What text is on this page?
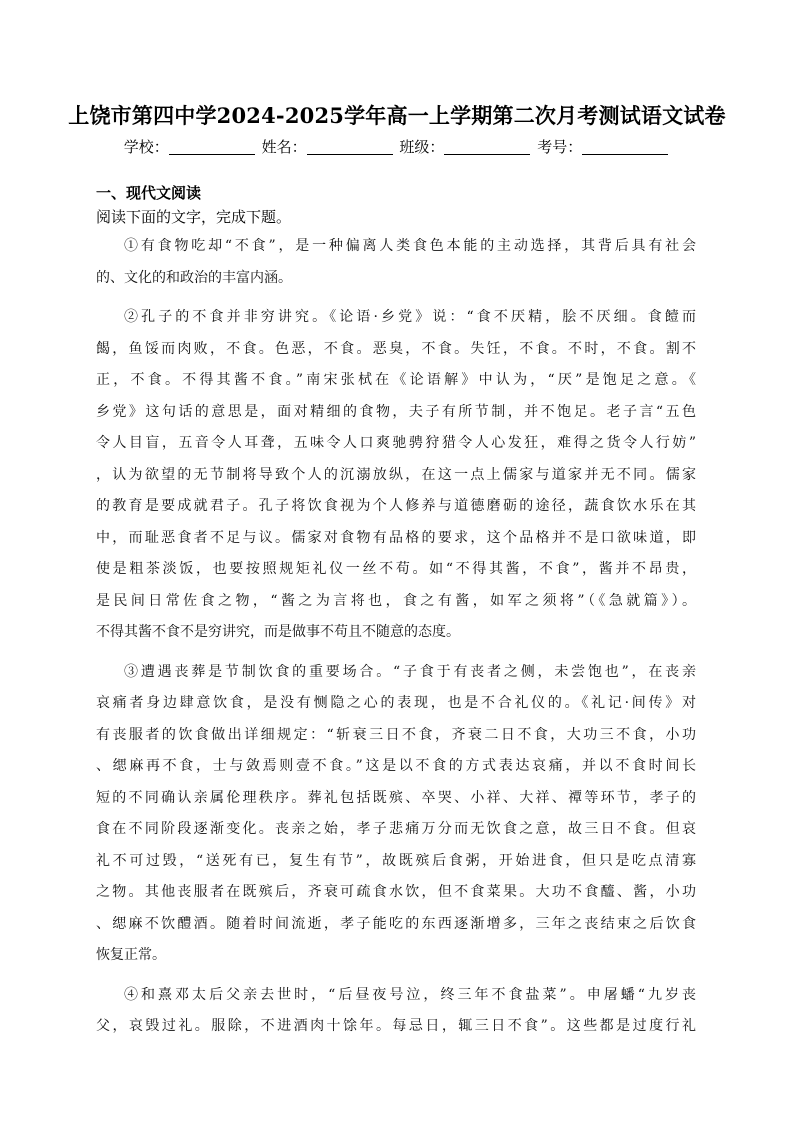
上饶市第四中学2024-2025学年高一上学期第二次月考测试语文试卷
学校：	姓名：	班级：	考号：
一、现代文阅读
阅读下面的文字，完成下题。
①有食物吃却“不食”，是一种偏离人类食色本能的主动选择，其背后具有社会
的、文化的和政治的丰富内涵。
②孔子的不食并非穷讲究。《论语·乡党》说：“食不厌精，脍不厌细。食饐而
餲，鱼馁而肉败，不食。色恶，不食。恶臭，不食。失饪，不食。不时，不食。割不
正，不食。不得其酱不食。”南宋张栻在《论语解》中认为，“厌”是饱足之意。《
乡党》这句话的意思是，面对精细的食物，夫子有所节制，并不饱足。老子言“五色
令人目盲，五音令人耳聋，五味令人口爽驰骋狩猎令人心发狂，难得之货令人行妨”
，认为欲望的无节制将导致个人的沉溺放纵，在这一点上儒家与道家并无不同。儒家
的教育是要成就君子。孔子将饮食视为个人修养与道德磨砺的途径，蔬食饮水乐在其
中，而耻恶食者不足与议。儒家对食物有品格的要求，这个品格并不是口欲味道，即
使是粗茶淡饭，也要按照规矩礼仪一丝不苟。如“不得其酱，不食”，酱并不昂贵，
是民间日常佐食之物，“酱之为言将也，食之有酱，如军之须将”（《急就篇》）。
不得其酱不食不是穷讲究，而是做事不苟且不随意的态度。
③遭遇丧葬是节制饮食的重要场合。“子食于有丧者之侧，未尝饱也”，在丧亲
哀痛者身边肆意饮食，是没有恻隐之心的表现，也是不合礼仪的。《礼记·间传》对
有丧服者的饮食做出详细规定：“斩衰三日不食，齐衰二日不食，大功三不食，小功
、缌麻再不食，士与敛焉则壹不食。”这是以不食的方式表达哀痛，并以不食时间长
短的不同确认亲属伦理秩序。葬礼包括既殡、卒哭、小祥、大祥、禫等环节，孝子的
食在不同阶段逐渐变化。丧亲之始，孝子悲痛万分而无饮食之意，故三日不食。但哀
礼不可过毁，“送死有已，复生有节”，故既殡后食粥，开始进食，但只是吃点清寡
之物。其他丧服者在既殡后，齐衰可疏食水饮，但不食菜果。大功不食醯、酱，小功
、缌麻不饮醴酒。随着时间流逝，孝子能吃的东西逐渐增多，三年之丧结束之后饮食
恢复正常。
④和熹邓太后父亲去世时，“后昼夜号泣，终三年不食盐菜”。申屠蟠“九岁丧
父，哀毁过礼。服除，不进酒肉十馀年。每忌日，辄三日不食”。这些都是过度行礼
